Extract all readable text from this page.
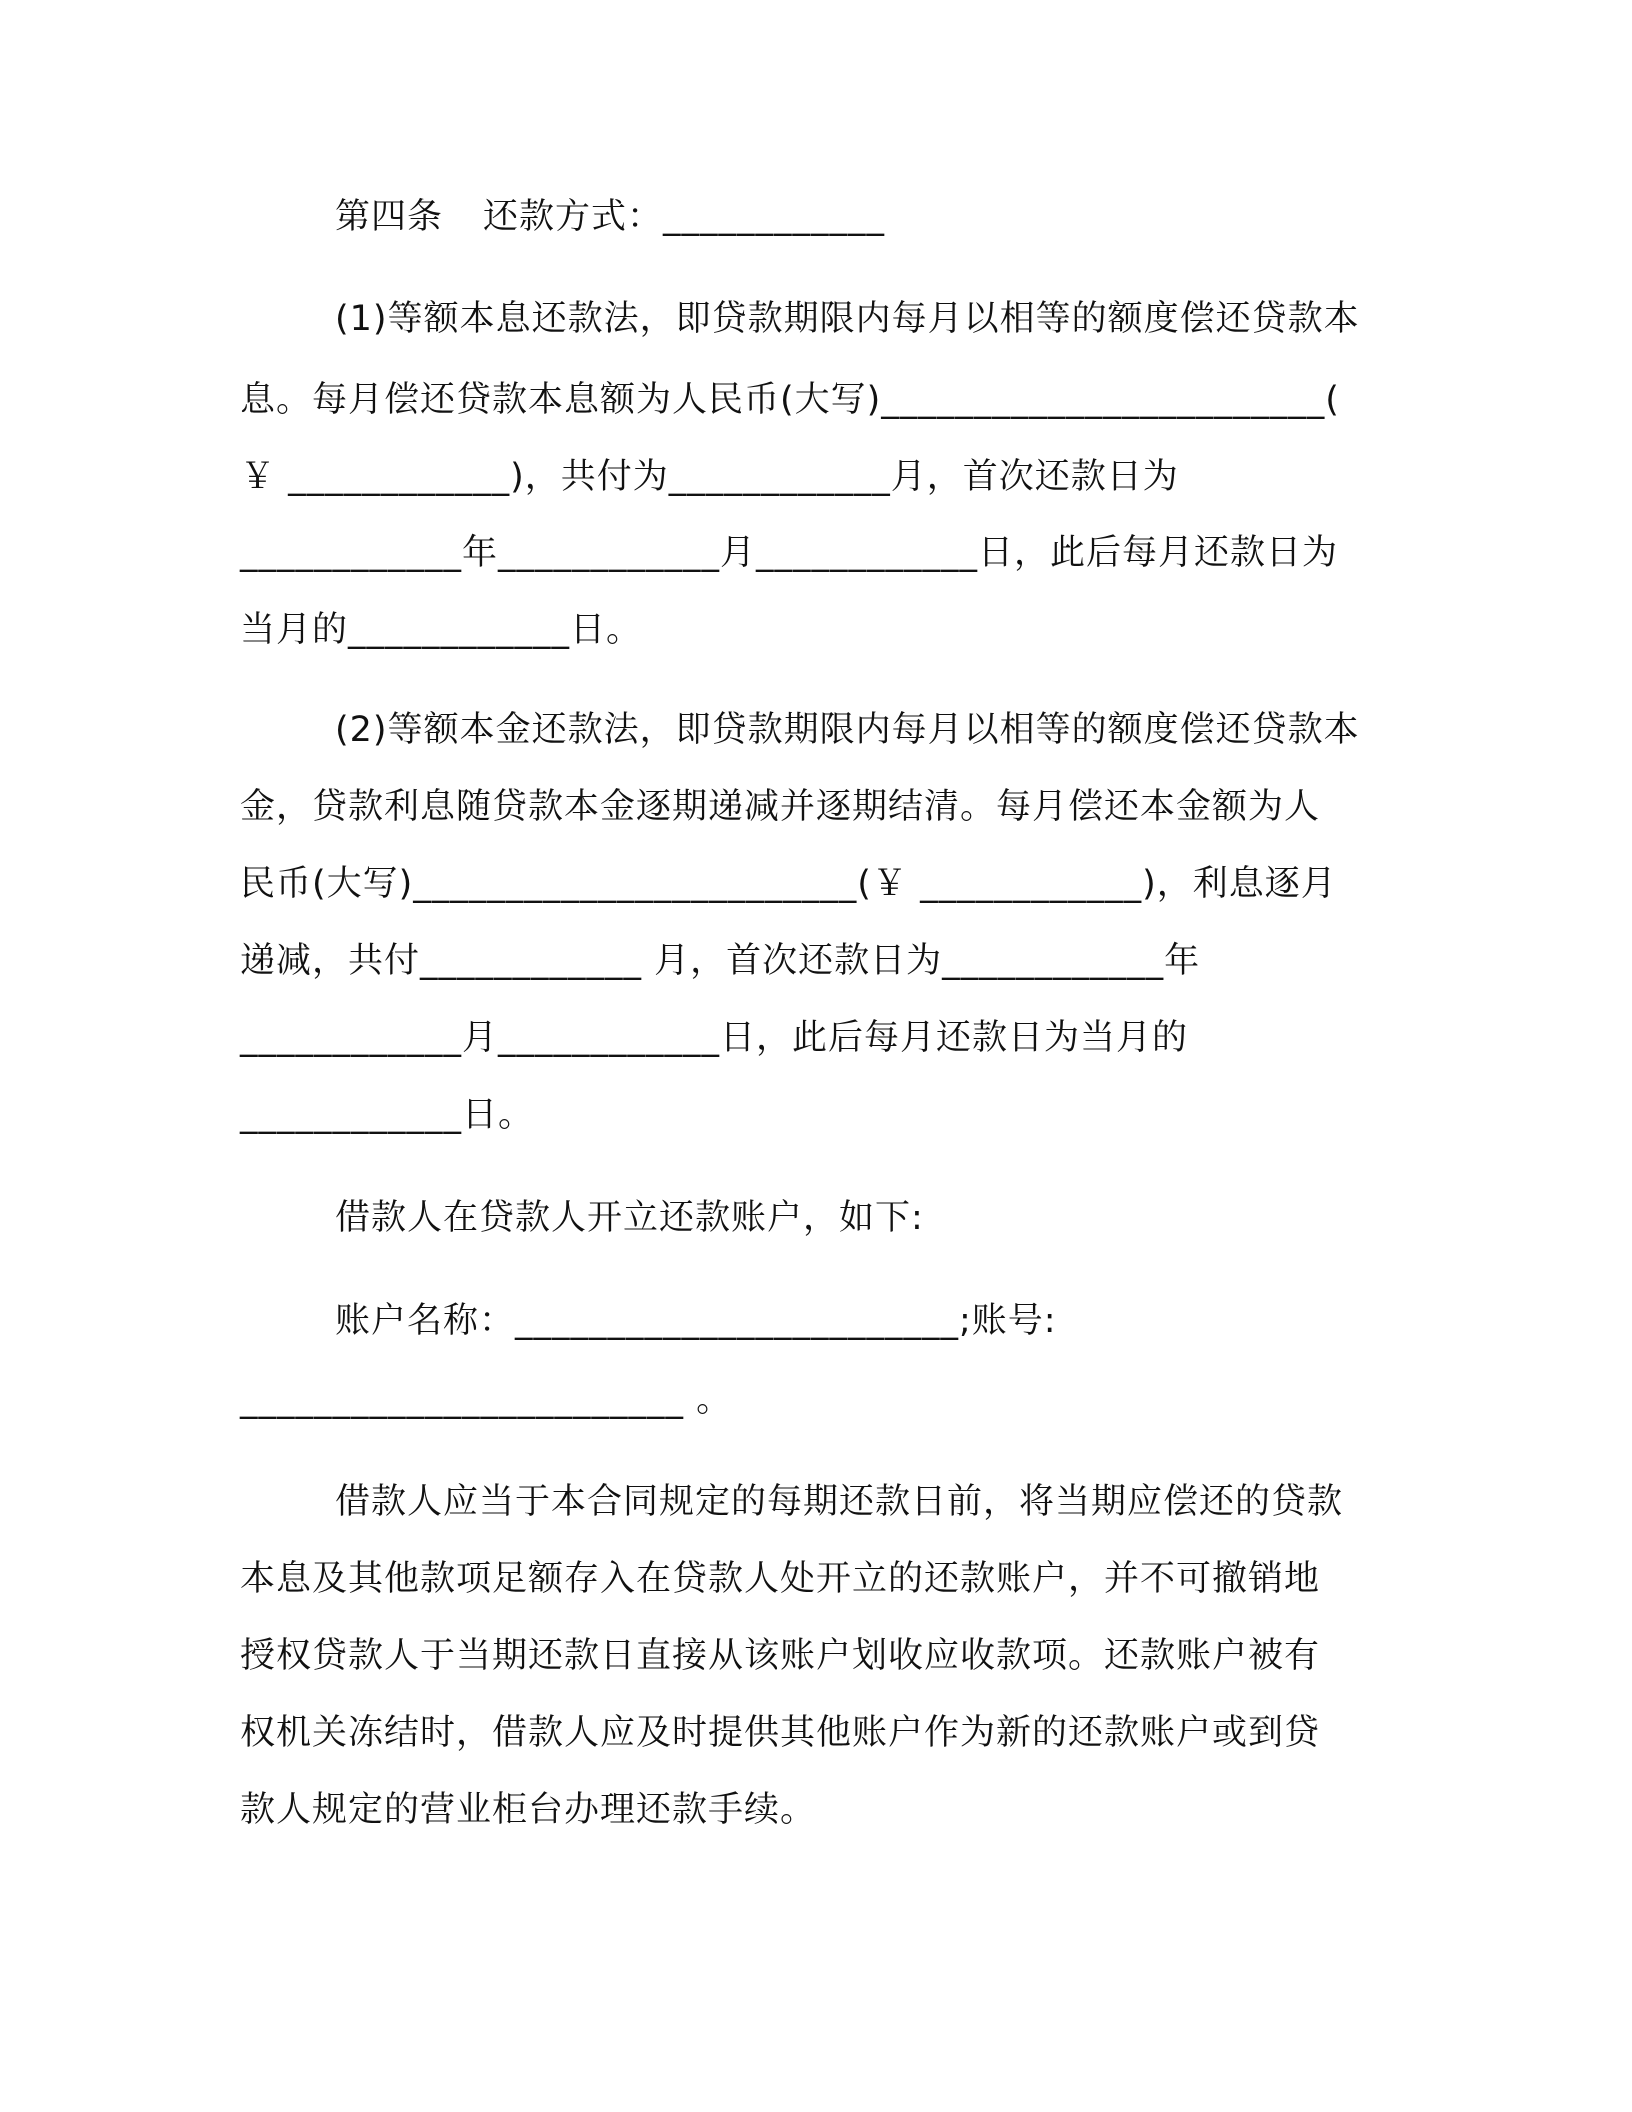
第四条 还款方式：____________
(1)等额本息还款法，即贷款期限内每月以相等的额度偿还贷款本
息。每月偿还贷款本息额为人民币(大写)________________________(
￥ ____________)，共付为____________月，首次还款日为
____________年____________月____________日，此后每月还款日为
当月的____________日。
(2)等额本金还款法，即贷款期限内每月以相等的额度偿还贷款本
金，贷款利息随贷款本金逐期递减并逐期结清。每月偿还本金额为人
民币(大写)________________________(￥ ____________)，利息逐月
递减，共付____________ 月，首次还款日为____________年
____________月____________日，此后每月还款日为当月的
____________日。
借款人在贷款人开立还款账户，如下:
账户名称：________________________;账号:
________________________ 。
借款人应当于本合同规定的每期还款日前，将当期应偿还的贷款
本息及其他款项足额存入在贷款人处开立的还款账户，并不可撤销地
授权贷款人于当期还款日直接从该账户划收应收款项。还款账户被有
权机关冻结时，借款人应及时提供其他账户作为新的还款账户或到贷
款人规定的营业柜台办理还款手续。
